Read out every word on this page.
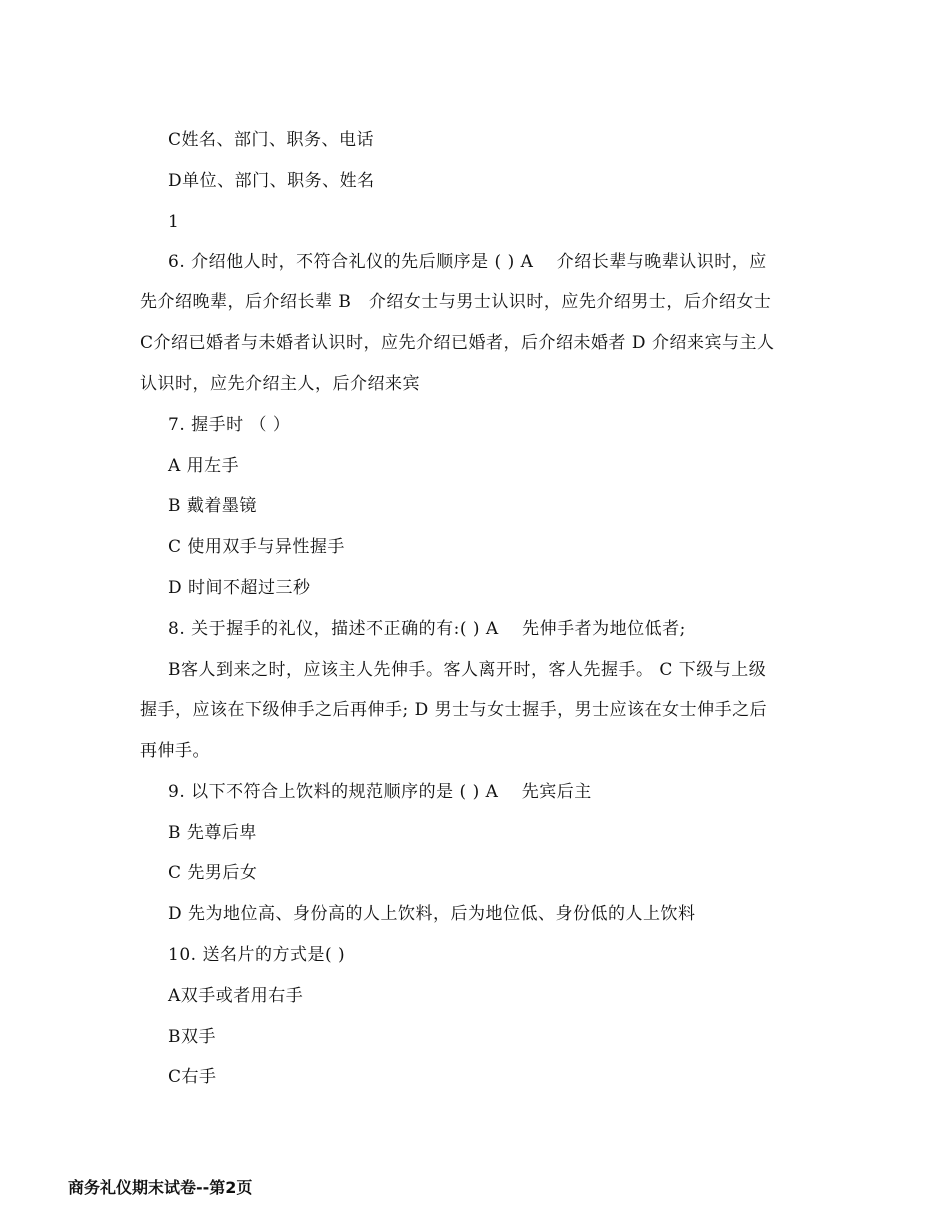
C姓名、部门、职务、电话
D单位、部门、职务、姓名
1
6. 介绍他人时，不符合礼仪的先后顺序是 ( ) A　 介绍长辈与晚辈认识时，应
先介绍晚辈，后介绍长辈 B　介绍女士与男士认识时，应先介绍男士，后介绍女士
C介绍已婚者与未婚者认识时，应先介绍已婚者，后介绍未婚者 D 介绍来宾与主人
认识时，应先介绍主人，后介绍来宾
7. 握手时 （ ）
A 用左手
B 戴着墨镜
C 使用双手与异性握手
D 时间不超过三秒
8. 关于握手的礼仪，描述不正确的有:( ) A　 先伸手者为地位低者;
B客人到来之时，应该主人先伸手。客人离开时，客人先握手。 C 下级与上级
握手，应该在下级伸手之后再伸手; D 男士与女士握手，男士应该在女士伸手之后
再伸手。
9. 以下不符合上饮料的规范顺序的是 ( ) A　 先宾后主
B 先尊后卑
C 先男后女
D 先为地位高、身份高的人上饮料，后为地位低、身份低的人上饮料
10. 送名片的方式是( )
A双手或者用右手
B双手
C右手
商务礼仪期末试卷--第2页
